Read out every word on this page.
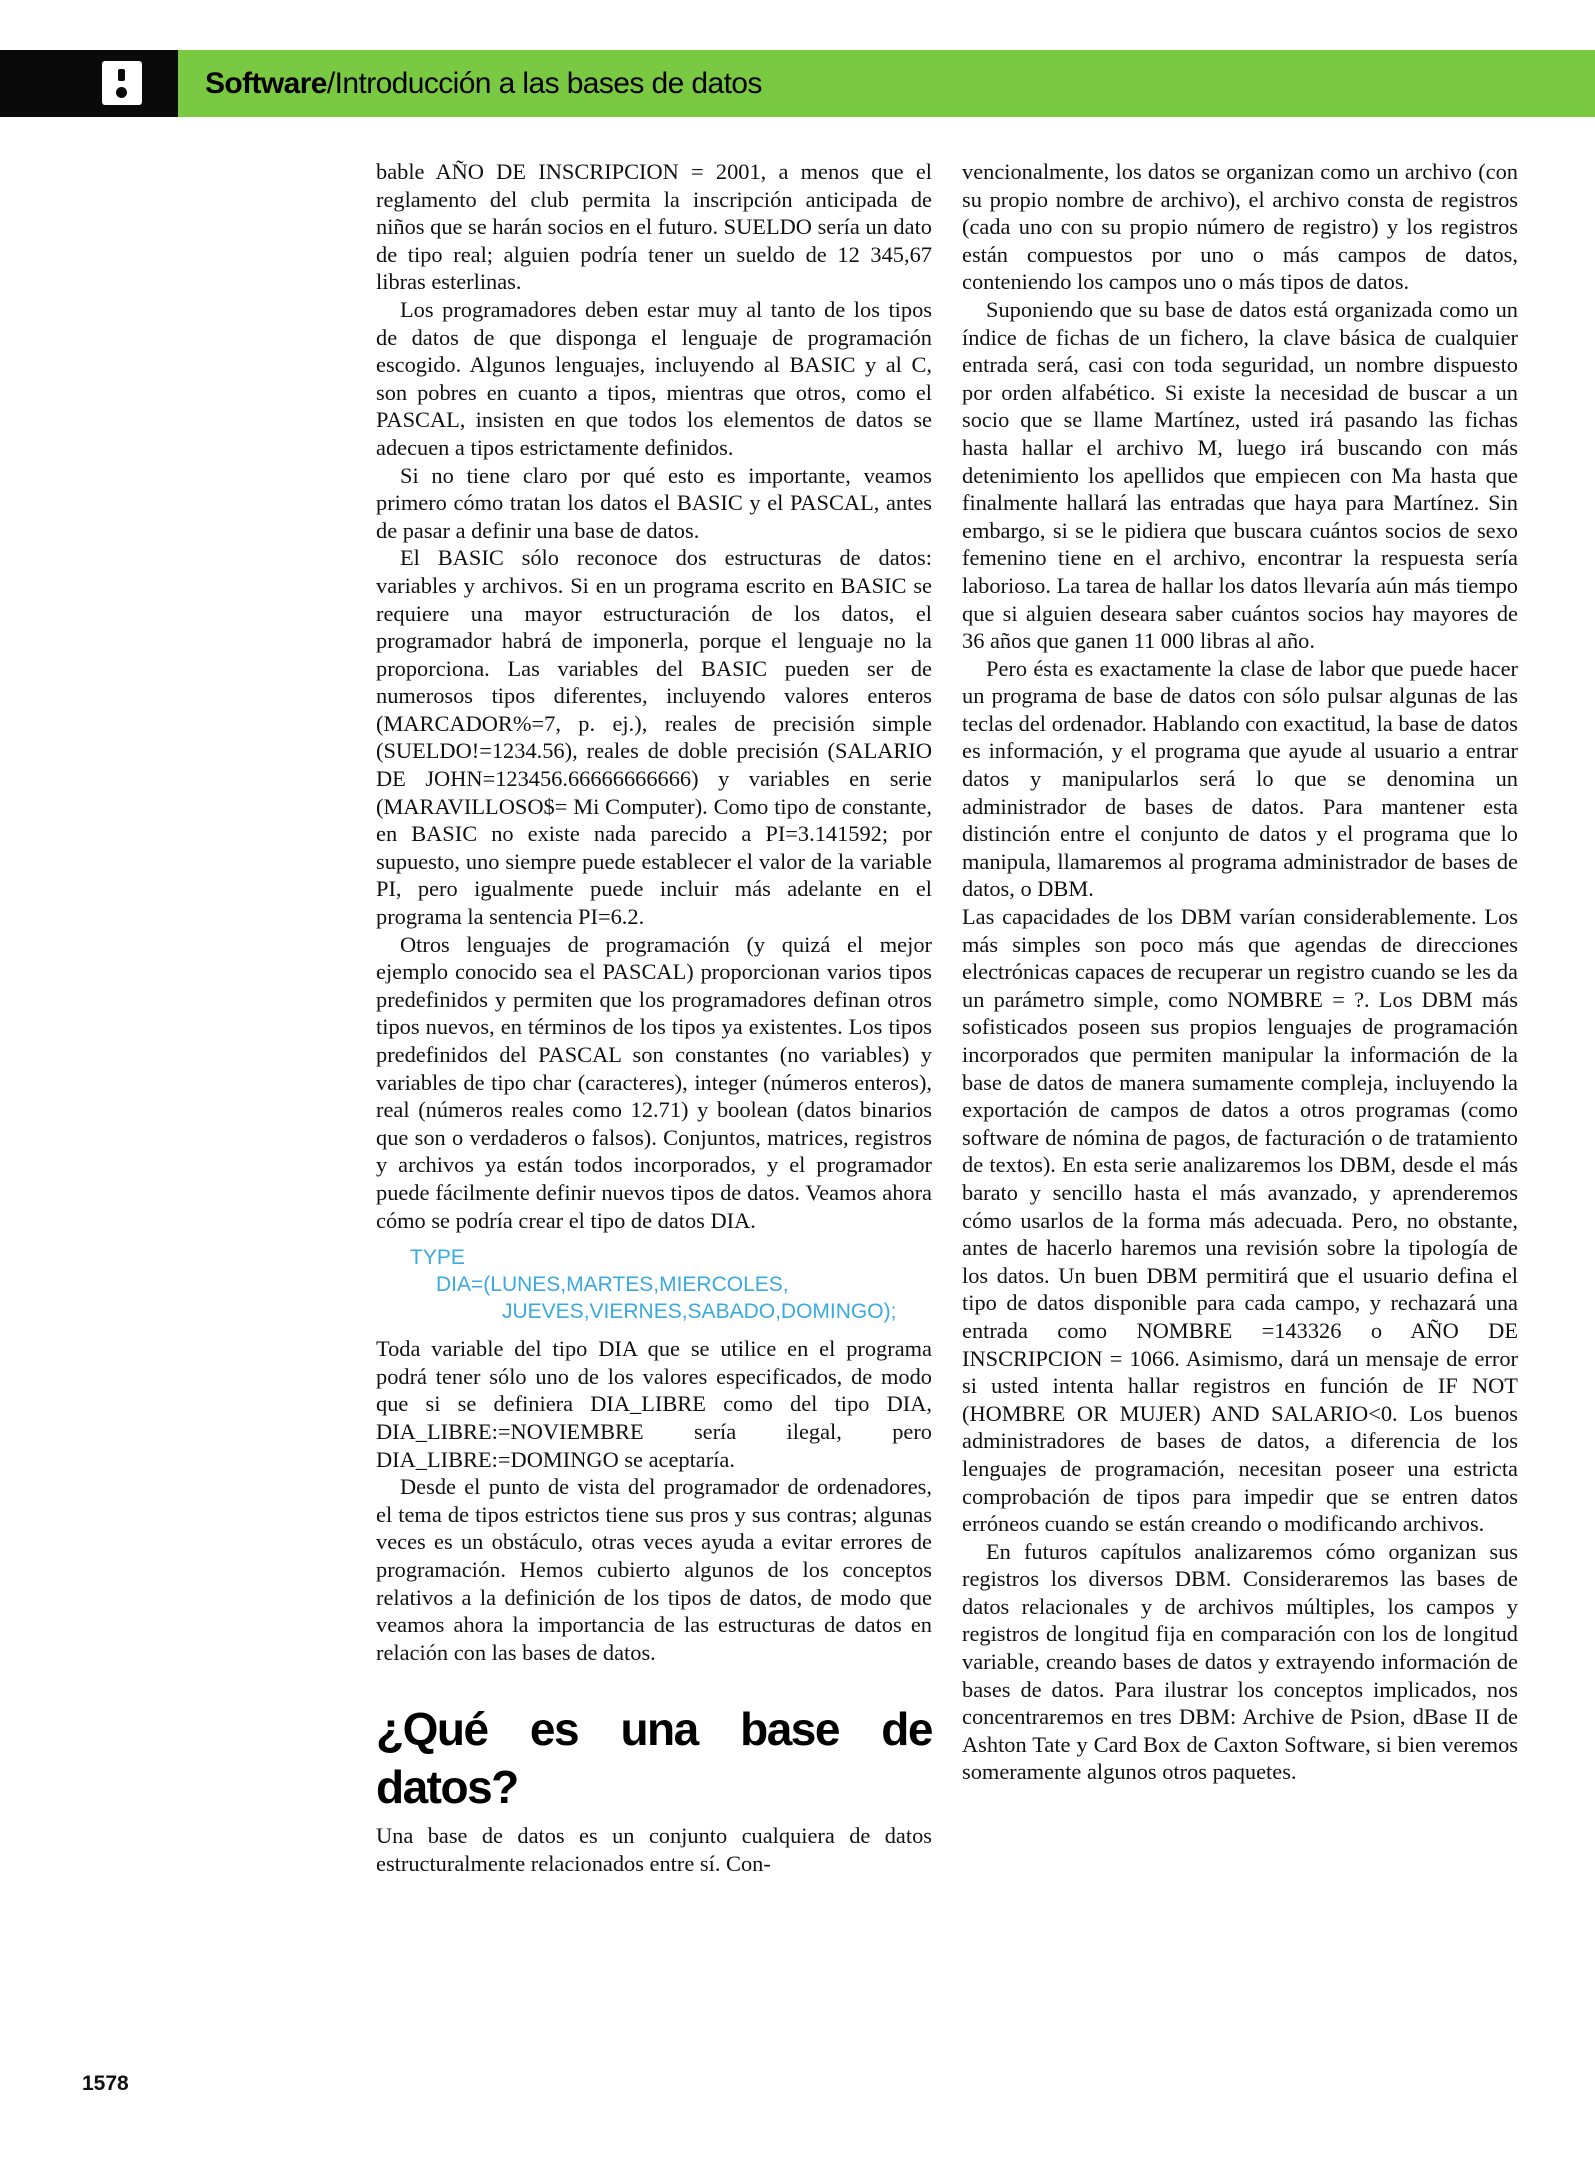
Software/Introducción a las bases de datos

bable AÑO DE INSCRIPCION = 2001, a menos que el reglamento del club permita la inscripción anticipada de niños que se harán socios en el futuro. SUELDO sería un dato de tipo real; alguien podría tener un sueldo de 12 345,67 libras esterlinas.

Los programadores deben estar muy al tanto de los tipos de datos de que disponga el lenguaje de programación escogido. Algunos lenguajes, incluyendo al BASIC y al C, son pobres en cuanto a tipos, mientras que otros, como el PASCAL, insisten en que todos los elementos de datos se adecuen a tipos estrictamente definidos.

Si no tiene claro por qué esto es importante, veamos primero cómo tratan los datos el BASIC y el PASCAL, antes de pasar a definir una base de datos.

El BASIC sólo reconoce dos estructuras de datos: variables y archivos. Si en un programa escrito en BASIC se requiere una mayor estructuración de los datos, el programador habrá de imponerla, porque el lenguaje no la proporciona. Las variables del BASIC pueden ser de numerosos tipos diferentes, incluyendo valores enteros (MARCADOR%=7, p. ej.), reales de precisión simple (SUELDO!=1234.56), reales de doble precisión (SALARIO DE JOHN=123456.66666666666) y variables en serie (MARAVILLOSO$= Mi Computer). Como tipo de constante, en BASIC no existe nada parecido a PI=3.141592; por supuesto, uno siempre puede establecer el valor de la variable PI, pero igualmente puede incluir más adelante en el programa la sentencia PI=6.2.

Otros lenguajes de programación (y quizá el mejor ejemplo conocido sea el PASCAL) proporcionan varios tipos predefinidos y permiten que los programadores definan otros tipos nuevos, en términos de los tipos ya existentes. Los tipos predefinidos del PASCAL son constantes (no variables) y variables de tipo char (caracteres), integer (números enteros), real (números reales como 12.71) y boolean (datos binarios que son o verdaderos o falsos). Conjuntos, matrices, registros y archivos ya están todos incorporados, y el programador puede fácilmente definir nuevos tipos de datos. Veamos ahora cómo se podría crear el tipo de datos DIA.

TYPE
DIA=(LUNES,MARTES,MIERCOLES,
JUEVES,VIERNES,SABADO,DOMINGO);

Toda variable del tipo DIA que se utilice en el programa podrá tener sólo uno de los valores especificados, de modo que si se definiera DIA_LIBRE como del tipo DIA, DIA_LIBRE:=NOVIEMBRE sería ilegal, pero DIA_LIBRE:=DOMINGO se aceptaría.

Desde el punto de vista del programador de ordenadores, el tema de tipos estrictos tiene sus pros y sus contras; algunas veces es un obstáculo, otras veces ayuda a evitar errores de programación. Hemos cubierto algunos de los conceptos relativos a la definición de los tipos de datos, de modo que veamos ahora la importancia de las estructuras de datos en relación con las bases de datos.

¿Qué es una base de datos?

Una base de datos es un conjunto cualquiera de datos estructuralmente relacionados entre sí. Con-

vencionalmente, los datos se organizan como un archivo (con su propio nombre de archivo), el archivo consta de registros (cada uno con su propio número de registro) y los registros están compuestos por uno o más campos de datos, conteniendo los campos uno o más tipos de datos.

Suponiendo que su base de datos está organizada como un índice de fichas de un fichero, la clave básica de cualquier entrada será, casi con toda seguridad, un nombre dispuesto por orden alfabético. Si existe la necesidad de buscar a un socio que se llame Martínez, usted irá pasando las fichas hasta hallar el archivo M, luego irá buscando con más detenimiento los apellidos que empiecen con Ma hasta que finalmente hallará las entradas que haya para Martínez. Sin embargo, si se le pidiera que buscara cuántos socios de sexo femenino tiene en el archivo, encontrar la respuesta sería laborioso. La tarea de hallar los datos llevaría aún más tiempo que si alguien deseara saber cuántos socios hay mayores de 36 años que ganen 11 000 libras al año.

Pero ésta es exactamente la clase de labor que puede hacer un programa de base de datos con sólo pulsar algunas de las teclas del ordenador. Hablando con exactitud, la base de datos es información, y el programa que ayude al usuario a entrar datos y manipularlos será lo que se denomina un administrador de bases de datos. Para mantener esta distinción entre el conjunto de datos y el programa que lo manipula, llamaremos al programa administrador de bases de datos, o DBM.

Las capacidades de los DBM varían considerablemente. Los más simples son poco más que agendas de direcciones electrónicas capaces de recuperar un registro cuando se les da un parámetro simple, como NOMBRE = ?. Los DBM más sofisticados poseen sus propios lenguajes de programación incorporados que permiten manipular la información de la base de datos de manera sumamente compleja, incluyendo la exportación de campos de datos a otros programas (como software de nómina de pagos, de facturación o de tratamiento de textos). En esta serie analizaremos los DBM, desde el más barato y sencillo hasta el más avanzado, y aprenderemos cómo usarlos de la forma más adecuada. Pero, no obstante, antes de hacerlo haremos una revisión sobre la tipología de los datos. Un buen DBM permitirá que el usuario defina el tipo de datos disponible para cada campo, y rechazará una entrada como NOMBRE =143326 o AÑO DE INSCRIPCION = 1066. Asimismo, dará un mensaje de error si usted intenta hallar registros en función de IF NOT (HOMBRE OR MUJER) AND SALARIO<0. Los buenos administradores de bases de datos, a diferencia de los lenguajes de programación, necesitan poseer una estricta comprobación de tipos para impedir que se entren datos erróneos cuando se están creando o modificando archivos.

En futuros capítulos analizaremos cómo organizan sus registros los diversos DBM. Consideraremos las bases de datos relacionales y de archivos múltiples, los campos y registros de longitud fija en comparación con los de longitud variable, creando bases de datos y extrayendo información de bases de datos. Para ilustrar los conceptos implicados, nos concentraremos en tres DBM: Archive de Psion, dBase II de Ashton Tate y Card Box de Caxton Software, si bien veremos someramente algunos otros paquetes.

1578
